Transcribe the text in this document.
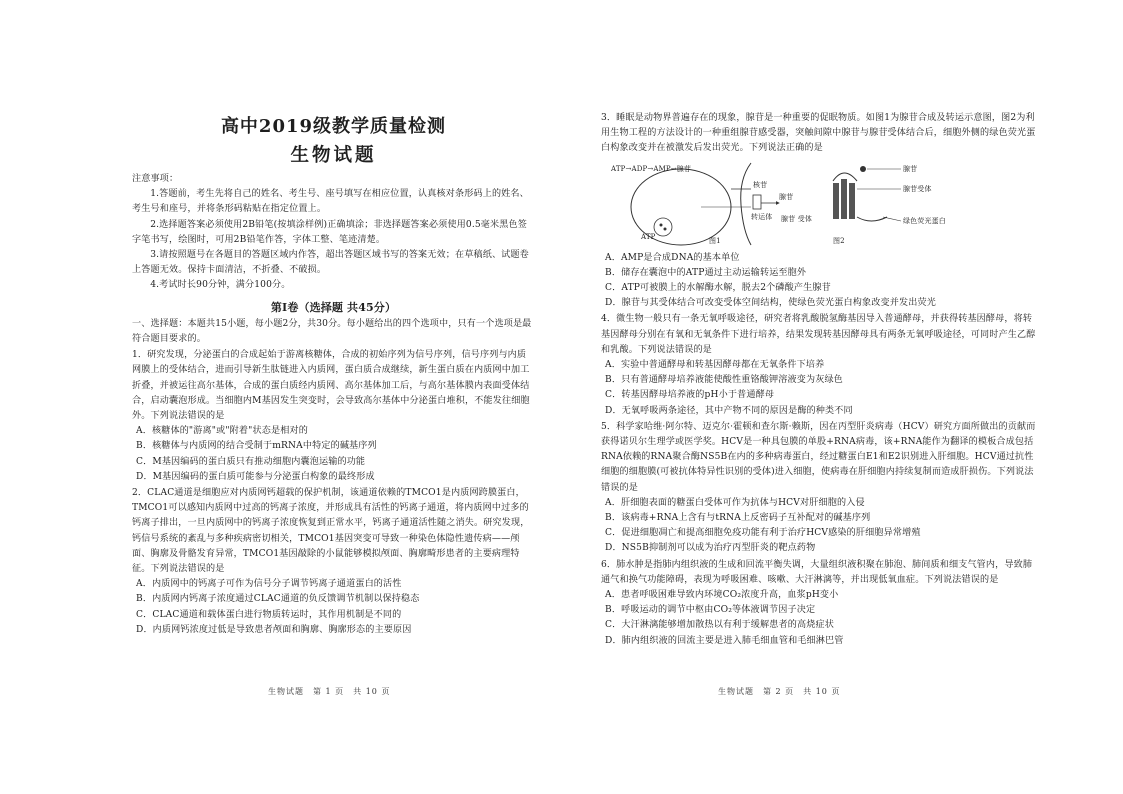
高中2019级教学质量检测
生物试题
注意事项：
1.答题前，考生先将自己的姓名、考生号、座号填写在相应位置，认真核对条形码上的姓名、考生号和座号，并将条形码粘贴在指定位置上。
2.选择题答案必须使用2B铅笔(按填涂样例)正确填涂；非选择题答案必须使用0.5毫米黑色签字笔书写，绘图时，可用2B铅笔作答，字体工整、笔迹清楚。
3.请按照题号在各题目的答题区域内作答，超出答题区域书写的答案无效；在草稿纸、试题卷上答题无效。保持卡面清洁，不折叠、不破损。
4.考试时长90分钟，满分100分。
第Ⅰ卷（选择题 共45分）
一、选择题：本题共15小题，每小题2分，共30分。每小题给出的四个选项中，只有一个选项是最符合题目要求的。
1．研究发现，分泌蛋白的合成起始于游离核糖体，合成的初始序列为信号序列，信号序列与内质网膜上的受体结合，进而引导新生肽链进入内质网，蛋白质合成继续，新生蛋白质在内质网中加工折叠，并被运往高尔基体，合成的蛋白质经内质网、高尔基体加工后，与高尔基体膜内表面受体结合，启动囊泡形成。当细胞内M基因发生突变时，会导致高尔基体中分泌蛋白堆积，不能发往细胞外。下列说法错误的是
A．核糖体的"游离"或"附着"状态是相对的
B．核糖体与内质网的结合受制于mRNA中特定的碱基序列
C．M基因编码的蛋白质只有推动细胞内囊泡运输的功能
D．M基因编码的蛋白质可能参与分泌蛋白构象的最终形成
2．CLAC通道是细胞应对内质网钙超载的保护机制，该通道依赖的TMCO1是内质网跨膜蛋白，TMCO1可以感知内质网中过高的钙离子浓度，并形成具有活性的钙离子通道，将内质网中过多的钙离子排出，一旦内质网中的钙离子浓度恢复到正常水平，钙离子通道活性随之消失。研究发现，钙信号系统的紊乱与多种疾病密切相关，TMCO1基因突变可导致一种染色体隐性遗传病——颅面、胸廓及骨骼发育异常，TMCO1基因敲除的小鼠能够模拟颅面、胸廓畸形患者的主要病理特征。下列说法错误的是
A．内质网中的钙离子可作为信号分子调节钙离子通道蛋白的活性
B．内质网内钙离子浓度通过CLAC通道的负反馈调节机制以保持稳态
C．CLAC通道和载体蛋白进行物质转运时，其作用机制是不同的
D．内质网钙浓度过低是导致患者颅面和胸廓、胸廓形态的主要原因
生物试题　第 1 页　共 10 页
3．睡眠是动物界普遍存在的现象，腺苷是一种重要的促眠物质。如图1为腺苷合成及转运示意图，图2为利用生物工程的方法设计的一种重组腺苷感受器，突触间隙中腺苷与腺苷受体结合后，细胞外侧的绿色荧光蛋白构象改变并在被激发后发出荧光。下列说法正确的是
ATP→ADP→AMP→腺苷
ATP
核苷
转运体
腺苷
腺苷 受体
图1	图2
腺苷
腺苷受体
绿色荧光蛋白
A．AMP是合成DNA的基本单位
B．储存在囊泡中的ATP通过主动运输转运至胞外
C．ATP可被膜上的水解酶水解，脱去2个磷酸产生腺苷
D．腺苷与其受体结合可改变受体空间结构，使绿色荧光蛋白构象改变并发出荧光
4．微生物一般只有一条无氧呼吸途径，研究者将乳酸脱氢酶基因导入普通酵母，并获得转基因酵母，将转基因酵母分别在有氧和无氧条件下进行培养，结果发现转基因酵母具有两条无氧呼吸途径，可同时产生乙醇和乳酸。下列说法错误的是
A．实验中普通酵母和转基因酵母都在无氧条件下培养
B．只有普通酵母培养液能使酸性重铬酸钾溶液变为灰绿色
C．转基因酵母培养液的pH小于普通酵母
D．无氧呼吸两条途径，其中产物不同的原因是酶的种类不同
5．科学家哈维·阿尔特、迈克尔·霍顿和查尔斯·赖斯，因在丙型肝炎病毒（HCV）研究方面所做出的贡献而获得诺贝尔生理学或医学奖。HCV是一种具包膜的单股+RNA病毒，该+RNA能作为翻译的模板合成包括RNA依赖的RNA聚合酶NS5B在内的多种病毒蛋白，经过糖蛋白E1和E2识别进入肝细胞。HCV通过抗性细胞的细胞膜(可被抗体特异性识别的受体)进入细胞，使病毒在肝细胞内持续复制而造成肝损伤。下列说法错误的是
A．肝细胞表面的糖蛋白受体可作为抗体与HCV对肝细胞的入侵
B．该病毒+RNA上含有与tRNA上反密码子互补配对的碱基序列
C．促进细胞凋亡和提高细胞免疫功能有利于治疗HCV感染的肝细胞异常增殖
D．NS5B抑制剂可以成为治疗丙型肝炎的靶点药物
6．肺水肿是指肺内组织液的生成和回流平衡失调，大量组织液积聚在肺泡、肺间质和细支气管内，导致肺通气和换气功能障碍，表现为呼吸困难、咳嗽、大汗淋漓等，并出现低氧血症。下列说法错误的是
A．患者呼吸困难导致内环境CO₂浓度升高，血浆pH变小
B．呼吸运动的调节中枢由CO₂等体液调节因子决定
C．大汗淋漓能够增加散热以有利于缓解患者的高烧症状
D．肺内组织液的回流主要是进入肺毛细血管和毛细淋巴管
生物试题　第 2 页　共 10 页
